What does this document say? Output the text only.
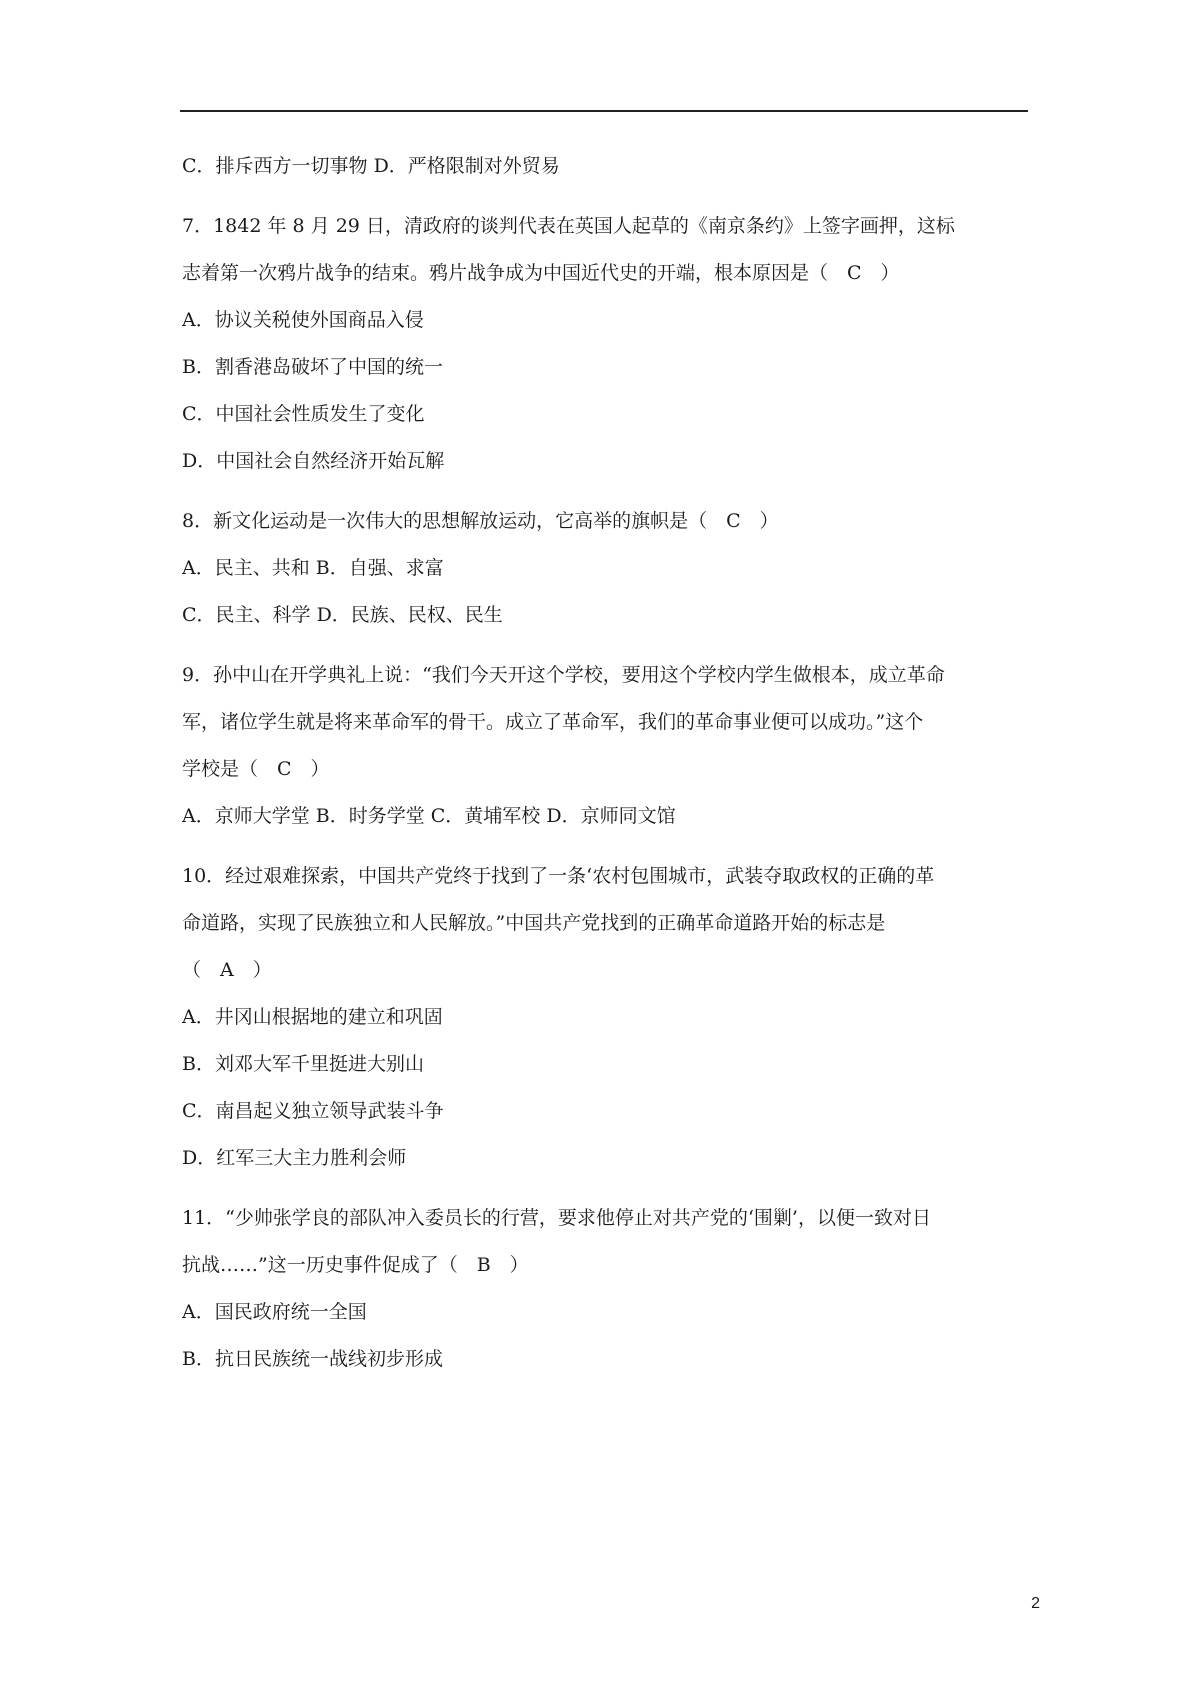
C．排斥西方一切事物 D．严格限制对外贸易
7．1842 年 8 月 29 日，清政府的谈判代表在英国人起草的《南京条约》上签字画押，这标
志着第一次鸦片战争的结束。鸦片战争成为中国近代史的开端，根本原因是（　C　）
A．协议关税使外国商品入侵
B．割香港岛破坏了中国的统一
C．中国社会性质发生了变化
D．中国社会自然经济开始瓦解
8．新文化运动是一次伟大的思想解放运动，它高举的旗帜是（　C　）
A．民主、共和 B．自强、求富
C．民主、科学 D．民族、民权、民生
9．孙中山在开学典礼上说：“我们今天开这个学校，要用这个学校内学生做根本，成立革命
军，诸位学生就是将来革命军的骨干。成立了革命军，我们的革命事业便可以成功。”这个
学校是（　C　）
A．京师大学堂 B．时务学堂 C．黄埔军校 D．京师同文馆
10．经过艰难探索，中国共产党终于找到了一条‘农村包围城市，武装夺取政权的正确的革
命道路，实现了民族独立和人民解放。”中国共产党找到的正确革命道路开始的标志是
（　A　）
A．井冈山根据地的建立和巩固
B．刘邓大军千里挺进大别山
C．南昌起义独立领导武装斗争
D．红军三大主力胜利会师
11．“少帅张学良的部队冲入委员长的行营，要求他停止对共产党的‘围剿’，以便一致对日
抗战……”这一历史事件促成了（　B　）
A．国民政府统一全国
B．抗日民族统一战线初步形成
2
